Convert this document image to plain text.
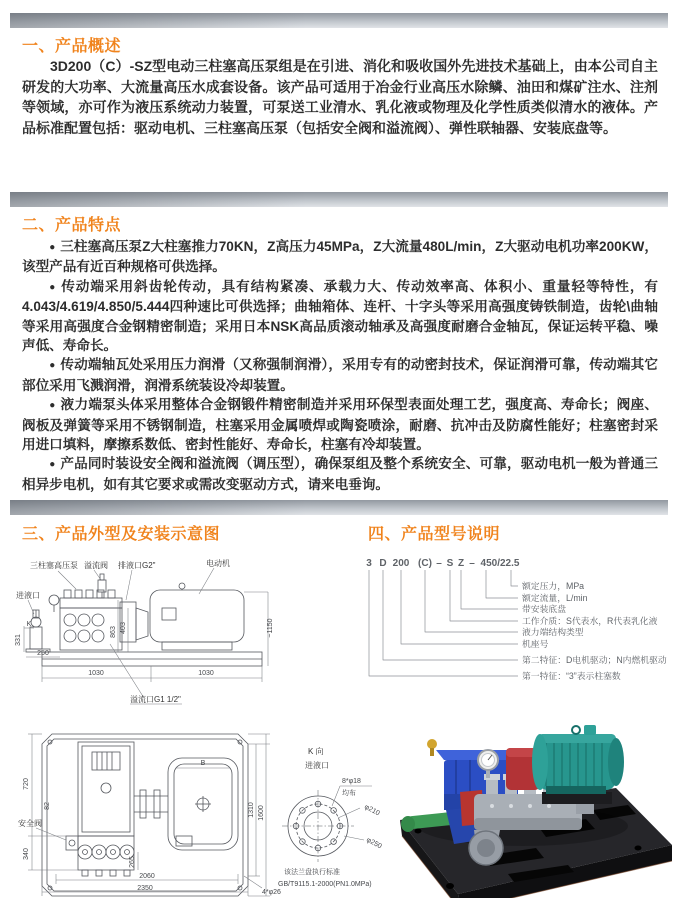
一、产品概述

3D200（C）-SZ型电动三柱塞高压泵组是在引进、消化和吸收国外先进技术基础上，由本公司自主研发的大功率、大流量高压水成套设备。该产品可适用于冶金行业高压水除鳞、油田和煤矿注水、注剂等领域，亦可作为液压系统动力装置，可泵送工业清水、乳化液或物理及化学性质类似清水的液体。产品标准配置包括：驱动电机、三柱塞高压泵（包括安全阀和溢流阀）、弹性联轴器、安装底盘等。

二、产品特点

● 三柱塞高压泵Z大柱塞推力70KN，Z高压力45MPa，Z大流量480L/min，Z大驱动电机功率200KW，该型产品有近百种规格可供选择。

● 传动端采用斜齿轮传动，具有结构紧凑、承载力大、传动效率高、体积小、重量轻等特性，有4.043/4.619/4.850/5.444四种速比可供选择；曲轴箱体、连杆、十字头等采用高强度铸铁制造，齿轮\曲轴等采用高强度合金钢精密制造；采用日本NSK高品质滚动轴承及高强度耐磨合金轴瓦，保证运转平稳、噪声低、寿命长。

● 传动端轴瓦处采用压力润滑（又称强制润滑），采用专有的动密封技术，保证润滑可靠，传动端其它部位采用飞溅润滑，润滑系统装设冷却装置。

● 液力端泵头体采用整体合金钢锻件精密制造并采用环保型表面处理工艺，强度高、寿命长；阀座、阀板及弹簧等采用不锈钢制造，柱塞采用金属喷焊或陶瓷喷涂，耐磨、抗冲击及防腐性能好；柱塞密封采用进口填料，摩擦系数低、密封性能好、寿命长，柱塞有冷却装置。

● 产品同时装设安全阀和溢流阀（调压型），确保泵组及整个系统安全、可靠，驱动电机一般为普通三相异步电机，如有其它要求或需改变驱动方式，请来电垂询。

三、产品外型及安装示意图	四、产品型号说明
1030	1030
K
331
250
~1150
863 403
三柱塞高压泵 溢流阀 排液口G2"	电动机
进液口
溢流口G1 1/2"
3 D 200 (C) – S Z – 450/22.5
额定压力，MPa
额定流量，L/min
带安装底盘
工作介质：S代表水，R代表乳化液
液力端结构类型
机座号
第二特征：D电机驱动；N内燃机驱动
第一特征：“3”表示柱塞数
B
720
82
340
265
2060
2350
1310 1600
安全阀
4*φ26
K 向
进液口
8*φ18
均布
φ210
φ250
该法兰盘执行标准
GB/T9115.1-2000(PN1.0MPa)
